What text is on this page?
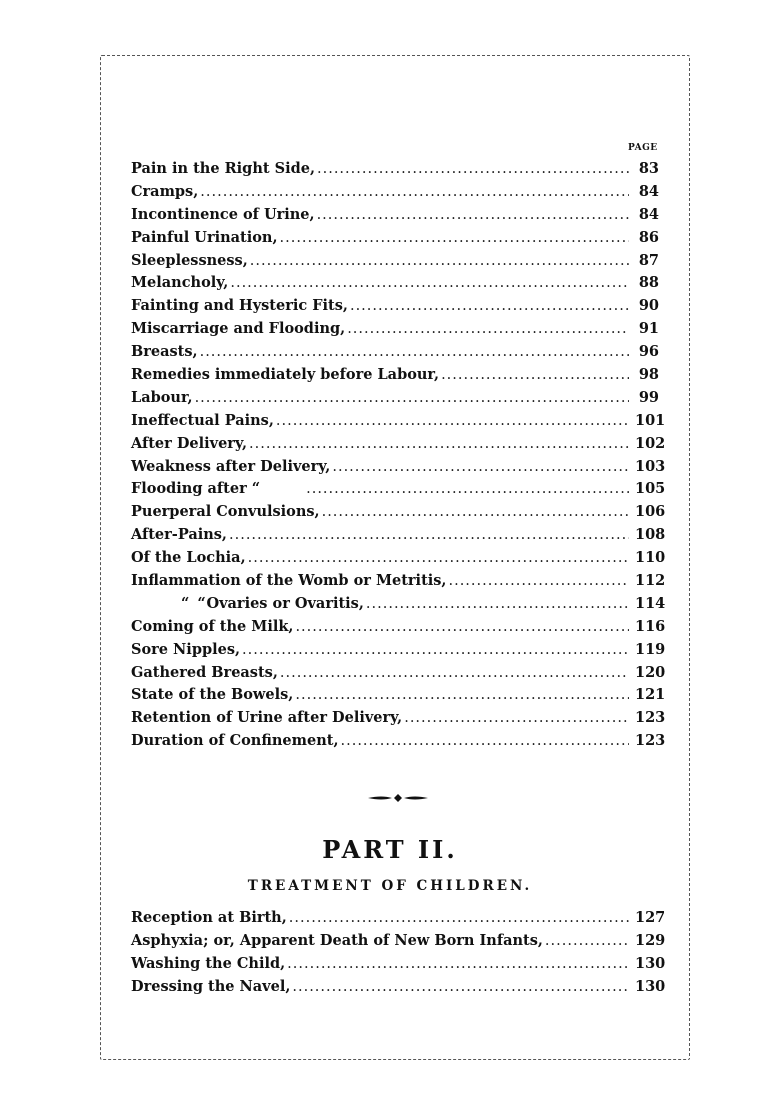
PAGE
Pain in the Right Side, .....	83
Cramps, .....	84
Incontinence of Urine, .....	84
Painful Urination, .....	86
Sleeplessness, .....	87
Melancholy, .....	88
Fainting and Hysteric Fits, .....	90
Miscarriage and Flooding, .....	91
Breasts, .....	96
Remedies immediately before Labour, .....	98
Labour, .....	99
Ineffectual Pains, .....	101
After Delivery, .....	102
Weakness after Delivery, .....	103
Flooding after “ .....	105
Puerperal Convulsions, .....	106
After-Pains, .....	108
Of the Lochia, .....	110
Inflammation of the Womb or Metritis, .....	112
“ “ Ovaries or Ovaritis, .....	114
Coming of the Milk, .....	116
Sore Nipples, .....	119
Gathered Breasts, .....	120
State of the Bowels, .....	121
Retention of Urine after Delivery, .....	123
Duration of Confinement, .....	123
PART II.
TREATMENT OF CHILDREN.
Reception at Birth, .....	127
Asphyxia; or, Apparent Death of New Born Infants, .....	129
Washing the Child, .....	130
Dressing the Navel, .....	130
